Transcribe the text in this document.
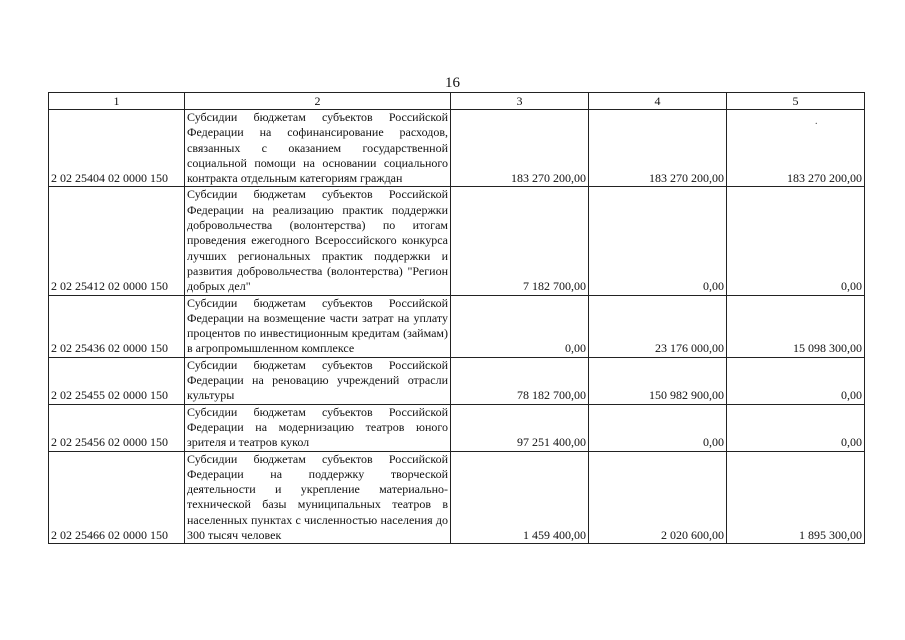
16
.
1	2	3	4	5
2 02 25404 02 0000 150	Субсидии бюджетам субъектов Российской Федерации на софинансирование расходов, связанных с оказанием государственной социальной помощи на основании социального контракта отдельным категориям граждан	183 270 200,00	183 270 200,00	183 270 200,00
2 02 25412 02 0000 150	Субсидии бюджетам субъектов Российской Федерации на реализацию практик поддержки добровольчества (волонтерства) по итогам проведения ежегодного Всероссийского конкурса лучших региональных практик поддержки и развития добровольчества (волонтерства) "Регион добрых дел"	7 182 700,00	0,00	0,00
2 02 25436 02 0000 150	Субсидии бюджетам субъектов Российской Федерации на возмещение части затрат на уплату процентов по инвестиционным кредитам (займам) в агропромышленном комплексе	0,00	23 176 000,00	15 098 300,00
2 02 25455 02 0000 150	Субсидии бюджетам субъектов Российской Федерации на реновацию учреждений отрасли культуры	78 182 700,00	150 982 900,00	0,00
2 02 25456 02 0000 150	Субсидии бюджетам субъектов Российской Федерации на модернизацию театров юного зрителя и театров кукол	97 251 400,00	0,00	0,00
2 02 25466 02 0000 150	Субсидии бюджетам субъектов Российской Федерации на поддержку творческой деятельности и укрепление материально-технической базы муниципальных театров в населенных пунктах с численностью населения до 300 тысяч человек	1 459 400,00	2 020 600,00	1 895 300,00
